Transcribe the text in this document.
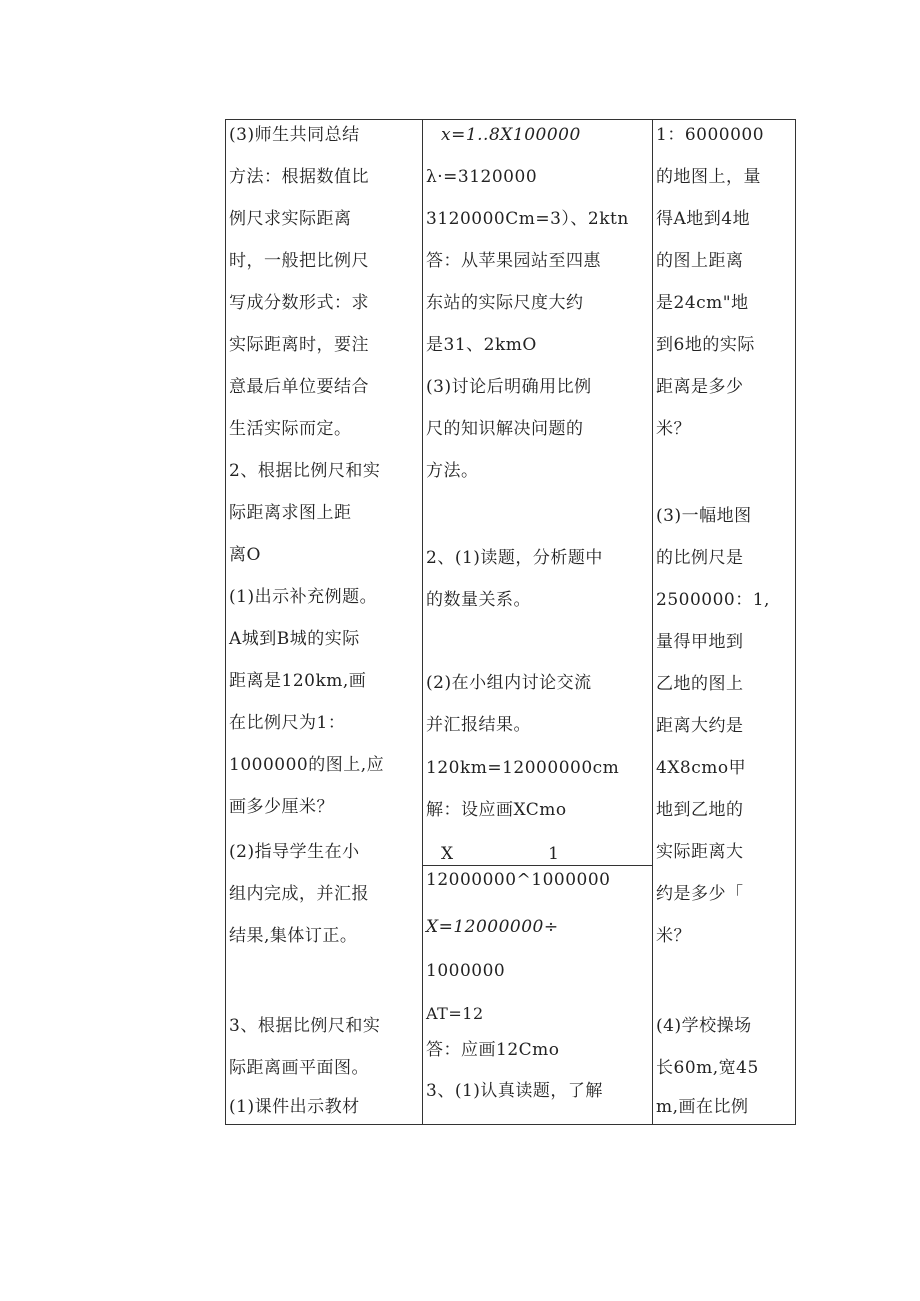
(3)师生共同总结
方法：根据数值比
例尺求实际距离
时，一般把比例尺
写成分数形式：求
实际距离时，要注
意最后单位要结合
生活实际而定。
2、根据比例尺和实
际距离求图上距
离O
(1)出示补充例题。
A城到B城的实际
距离是120km,画
在比例尺为1：
1000000的图上,应
画多少厘米？
(2)指导学生在小
组内完成，并汇报
结果,集体订正。
3、根据比例尺和实
际距离画平面图。
(1)课件出示教材
x=1..8X100000
λ·=3120000
3120000Cm=3）、2ktn
答：从苹果园站至四惠
东站的实际尺度大约
是31、2kmO
(3)讨论后明确用比例
尺的知识解决问题的
方法。
2、(1)读题，分析题中
的数量关系。
(2)在小组内讨论交流
并汇报结果。
120km=12000000cm
解：设应画XCmo
X                1
12000000^1000000
X=12000000÷
1000000
AT=12
答：应画12Cmo
3、(1)认真读题，了解
1：6000000
的地图上，量
得A地到4地
的图上距离
是24cm"地
到6地的实际
距离是多少
米？
(3)一幅地图
的比例尺是
2500000：1,
量得甲地到
乙地的图上
距离大约是
4X8cmo甲
地到乙地的
实际距离大
约是多少「
米？
(4)学校操场
长60m,宽45
m,画在比例
